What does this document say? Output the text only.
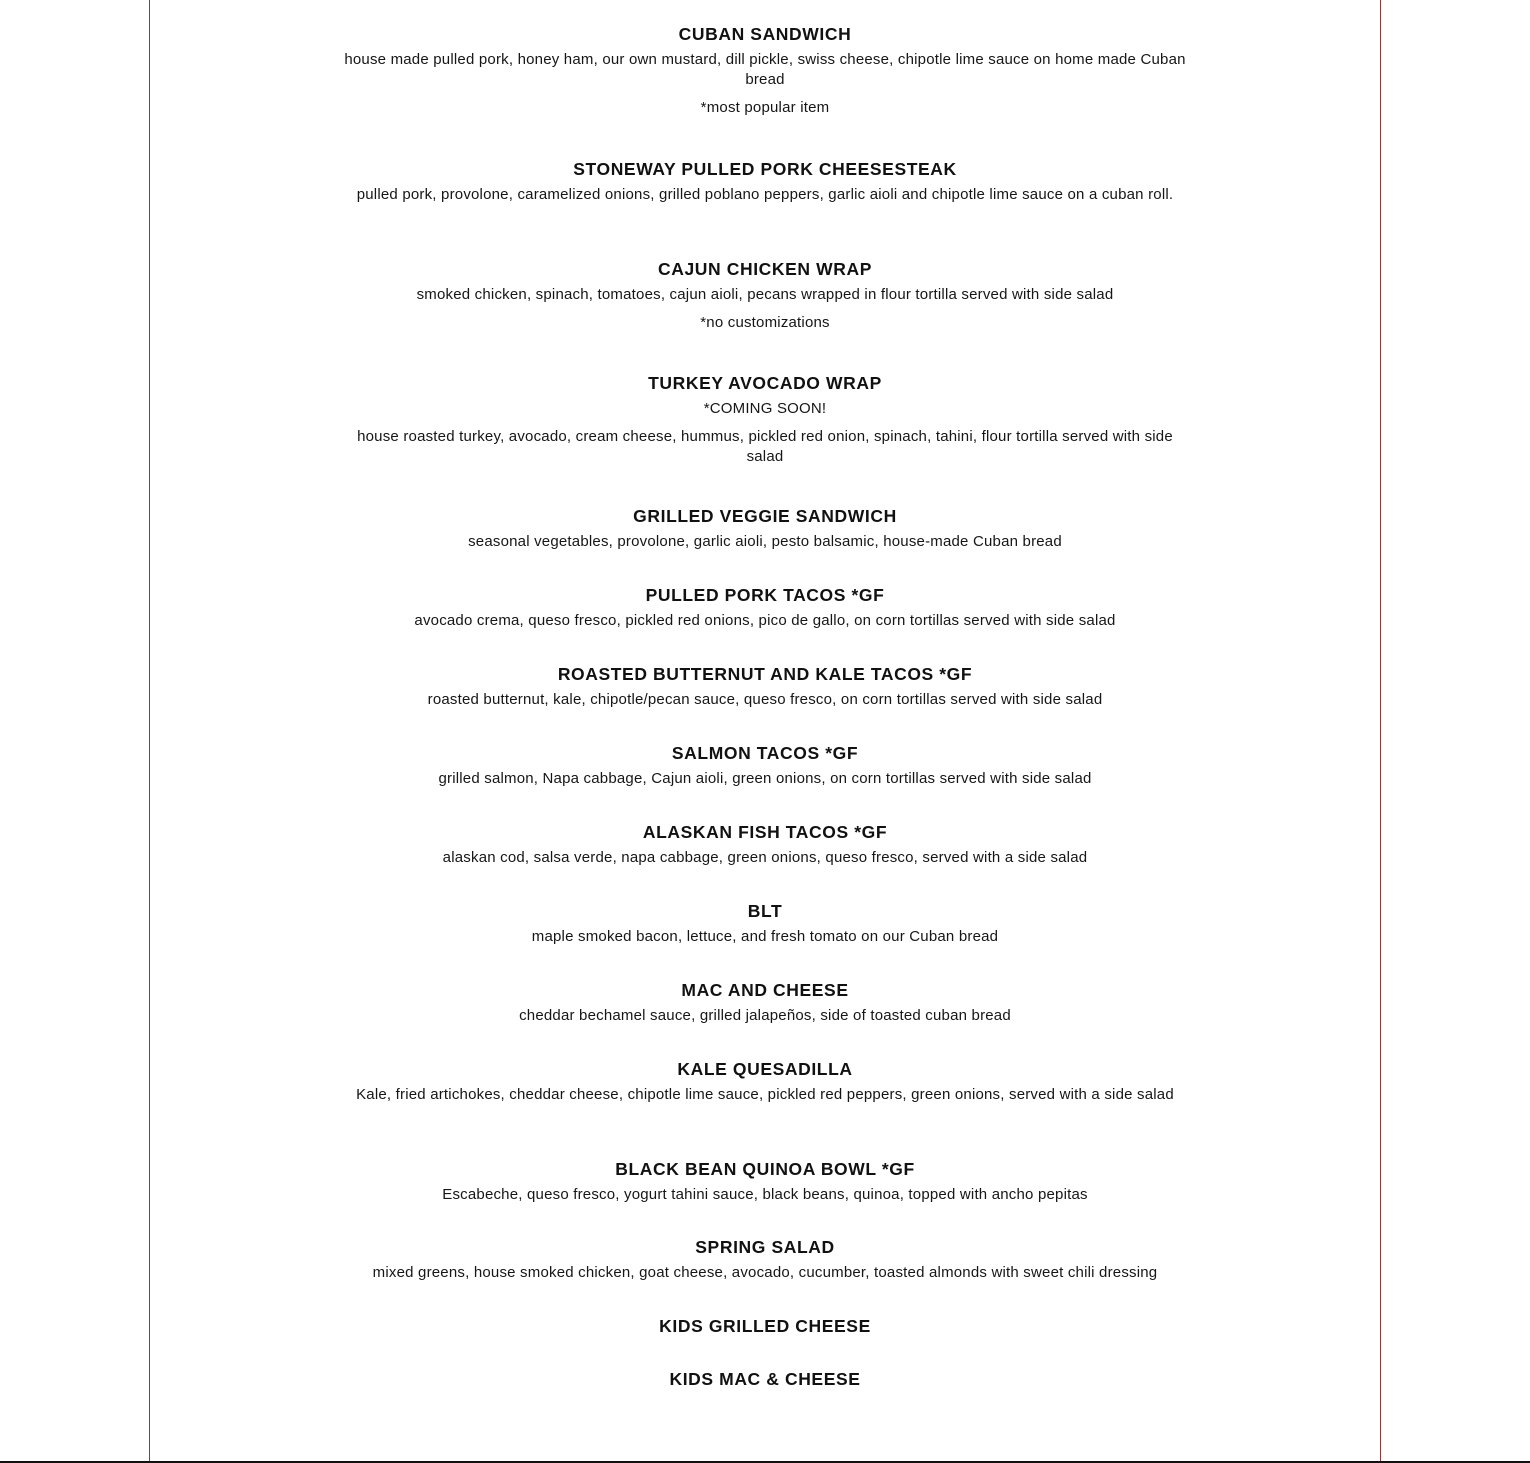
CUBAN SANDWICH

house made pulled pork, honey ham, our own mustard, dill pickle, swiss cheese, chipotle lime sauce on home made Cuban bread

*most popular item

STONEWAY PULLED PORK CHEESESTEAK

pulled pork, provolone, caramelized onions, grilled poblano peppers, garlic aioli and chipotle lime sauce on a cuban roll.

CAJUN CHICKEN WRAP

smoked chicken, spinach, tomatoes, cajun aioli, pecans wrapped in flour tortilla served with side salad

*no customizations

TURKEY AVOCADO WRAP

*COMING SOON!

house roasted turkey, avocado, cream cheese, hummus, pickled red onion, spinach, tahini, flour tortilla served with side salad

GRILLED VEGGIE SANDWICH

seasonal vegetables, provolone, garlic aioli, pesto balsamic, house-made Cuban bread

PULLED PORK TACOS *GF

avocado crema, queso fresco, pickled red onions, pico de gallo, on corn tortillas served with side salad

ROASTED BUTTERNUT AND KALE TACOS *GF

roasted butternut, kale, chipotle/pecan sauce, queso fresco, on corn tortillas served with side salad

SALMON TACOS *GF

grilled salmon, Napa cabbage, Cajun aioli, green onions, on corn tortillas served with side salad

ALASKAN FISH TACOS *GF

alaskan cod, salsa verde, napa cabbage, green onions, queso fresco, served with a side salad

BLT

maple smoked bacon, lettuce, and fresh tomato on our Cuban bread

MAC AND CHEESE

cheddar bechamel sauce, grilled jalapeños, side of toasted cuban bread

KALE QUESADILLA

Kale, fried artichokes, cheddar cheese, chipotle lime sauce, pickled red peppers, green onions, served with a side salad

BLACK BEAN QUINOA BOWL *GF

Escabeche, queso fresco, yogurt tahini sauce, black beans, quinoa, topped with ancho pepitas

SPRING SALAD

mixed greens, house smoked chicken, goat cheese, avocado, cucumber, toasted almonds with sweet chili dressing

KIDS GRILLED CHEESE

KIDS MAC & CHEESE
